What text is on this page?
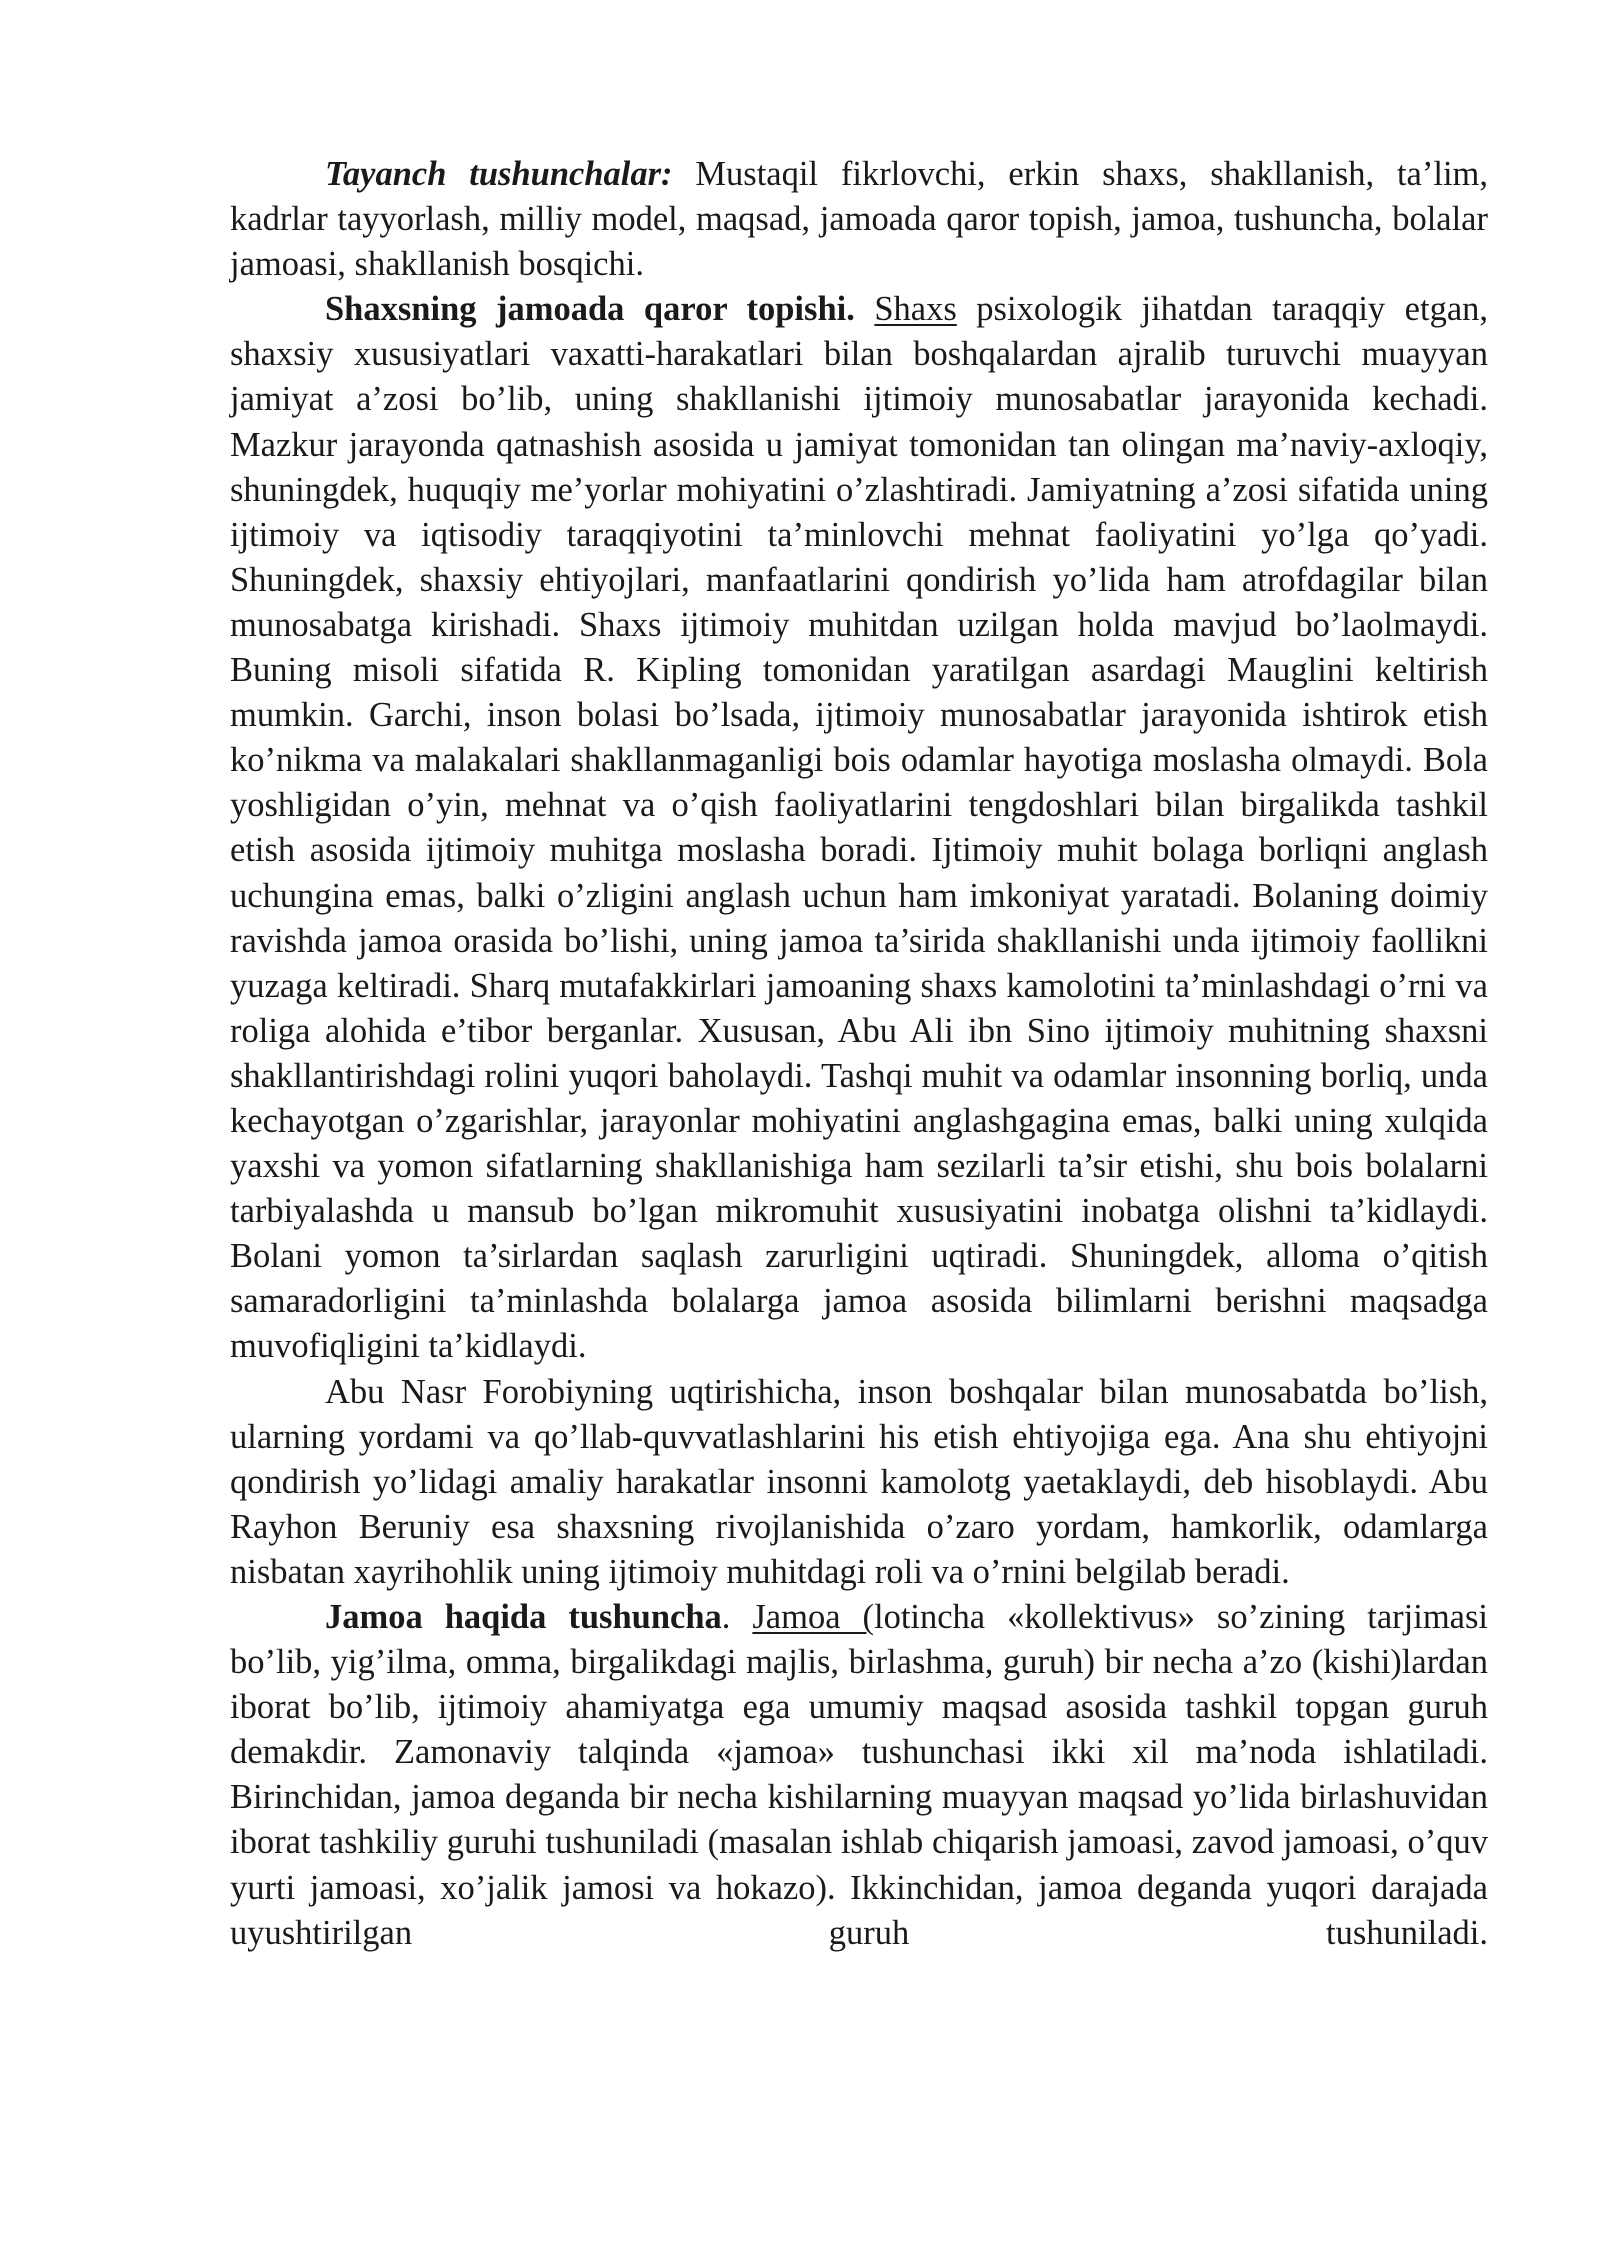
Tayanch tushunchalar: Mustaqil fikrlovchi, erkin shaxs, shakllanish, ta’lim, kadrlar tayyorlash, milliy model, maqsad, jamoada qaror topish, jamoa, tushuncha, bolalar jamoasi, shakllanish bosqichi.

Shaxsning jamoada qaror topishi. Shaxs psixologik jihatdan taraqqiy etgan, shaxsiy xususiyatlari vaxatti-harakatlari bilan boshqalardan ajralib turuvchi muayyan jamiyat a’zosi bo’lib, uning shakllanishi ijtimoiy munosabatlar jarayonida kechadi. Mazkur jarayonda qatnashish asosida u jamiyat tomonidan tan olingan ma’naviy-axloqiy, shuningdek, huquqiy me’yorlar mohiyatini o’zlashtiradi. Jamiyatning a’zosi sifatida uning ijtimoiy va iqtisodiy taraqqiyotini ta’minlovchi mehnat faoliyatini yo’lga qo’yadi. Shuningdek, shaxsiy ehtiyojlari, manfaatlarini qondirish yo’lida ham atrofdagilar bilan munosabatga kirishadi. Shaxs ijtimoiy muhitdan uzilgan holda mavjud bo’laolmaydi. Buning misoli sifatida R. Kipling tomonidan yaratilgan asardagi Mauglini keltirish mumkin. Garchi, inson bolasi bo’lsada, ijtimoiy munosabatlar jarayonida ishtirok etish ko’nikma va malakalari shakllanmaganligi bois odamlar hayotiga moslasha olmaydi. Bola yoshligidan o’yin, mehnat va o’qish faoliyatlarini tengdoshlari bilan birgalikda tashkil etish asosida ijtimoiy muhitga moslasha boradi. Ijtimoiy muhit bolaga borliqni anglash uchungina emas, balki o’zligini anglash uchun ham imkoniyat yaratadi. Bolaning doimiy ravishda jamoa orasida bo’lishi, uning jamoa ta’sirida shakllanishi unda ijtimoiy faollikni yuzaga keltiradi. Sharq mutafakkirlari jamoaning shaxs kamolotini ta’minlashdagi o’rni va roliga alohida e’tibor berganlar. Xususan, Abu Ali ibn Sino ijtimoiy muhitning shaxsni shakllantirishdagi rolini yuqori baholaydi. Tashqi muhit va odamlar insonning borliq, unda kechayotgan o’zgarishlar, jarayonlar mohiyatini anglashgagina emas, balki uning xulqida yaxshi va yomon sifatlarning shakllanishiga ham sezilarli ta’sir etishi, shu bois bolalarni tarbiyalashda u mansub bo’lgan mikromuhit xususiyatini inobatga olishni ta’kidlaydi. Bolani yomon ta’sirlardan saqlash zarurligini uqtiradi. Shuningdek, alloma o’qitish samaradorligini ta’minlashda bolalarga jamoa asosida bilimlarni berishni maqsadga muvofiqligini ta’kidlaydi.

Abu Nasr Forobiyning uqtirishicha, inson boshqalar bilan munosabatda bo’lish, ularning yordami va qo’llab-quvvatlashlarini his etish ehtiyojiga ega. Ana shu ehtiyojni qondirish yo’lidagi amaliy harakatlar insonni kamolotg yaetaklaydi, deb hisoblaydi. Abu Rayhon Beruniy esa shaxsning rivojlanishida o’zaro yordam, hamkorlik, odamlarga nisbatan xayrihohlik uning ijtimoiy muhitdagi roli va o’rnini belgilab beradi.

Jamoa haqida tushuncha. Jamoa (lotincha «kollektivus» so’zining tarjimasi bo’lib, yig’ilma, omma, birgalikdagi majlis, birlashma, guruh) bir necha a’zo (kishi)lardan iborat bo’lib, ijtimoiy ahamiyatga ega umumiy maqsad asosida tashkil topgan guruh demakdir. Zamonaviy talqinda «jamoa» tushunchasi ikki xil ma’noda ishlatiladi. Birinchidan, jamoa deganda bir necha kishilarning muayyan maqsad yo’lida birlashuvidan iborat tashkiliy guruhi tushuniladi (masalan ishlab chiqarish jamoasi, zavod jamoasi, o’quv yurti jamoasi, xo’jalik jamosi va hokazo). Ikkinchidan, jamoa deganda yuqori darajada uyushtirilgan guruh tushuniladi.
